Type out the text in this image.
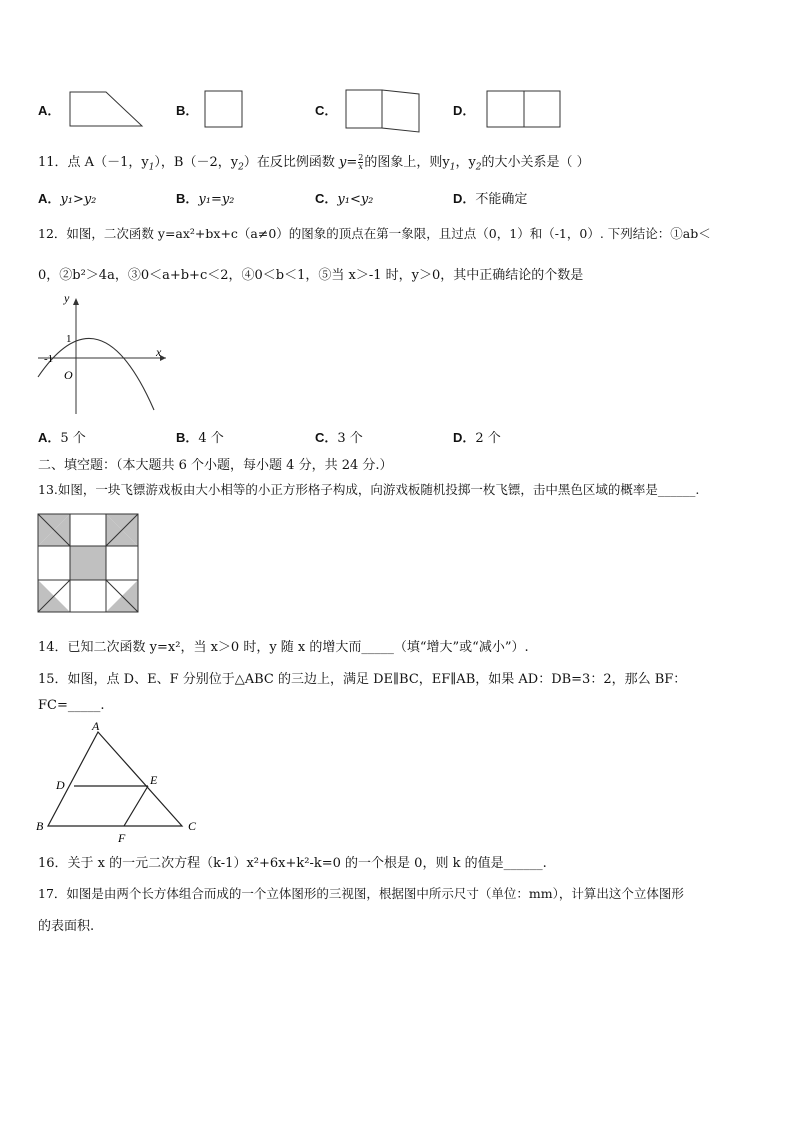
A．	B．	C．	D．
11．点 A（－1，$y_1$），B（－2，$y_2$）在反比例函数 $y= \frac{2}{x}$ 的图象上，则$y_1$，$y_2$的大小关系是（ ）
A．y₁>y₂	B．y₁=y₂	C．y₁<y₂	D．不能确定
12．如图，二次函数 y=ax²+bx+c（a≠0）的图象的顶点在第一象限，且过点（0，1）和（-1，0）. 下列结论：①ab＜
0，②b²＞4a，③0＜a+b+c＜2，④0＜b＜1，⑤当 x＞-1 时，y＞0，其中正确结论的个数是
y
x
1
-1
O
A．5 个	B．4 个	C．3 个	D．2 个
二、填空题：（本大题共 6 个小题，每小题 4 分，共 24 分.）
13.如图，一块飞镖游戏板由大小相等的小正方形格子构成，向游戏板随机投掷一枚飞镖，击中黑色区域的概率是______.
14．已知二次函数 y=x²，当 x＞0 时，y 随 x 的增大而_____（填“增大”或“减小”）.
15．如图，点 D、E、F 分别位于△ABC 的三边上，满足 DE∥BC，EF∥AB，如果 AD：DB=3：2，那么 BF：
FC=_____.
A
B	C
D	E
F
16．关于 x 的一元二次方程（k-1）x²+6x+k²-k=0 的一个根是 0，则 k 的值是______.
17．如图是由两个长方体组合而成的一个立体图形的三视图，根据图中所示尺寸（单位：mm），计算出这个立体图形
的表面积.
